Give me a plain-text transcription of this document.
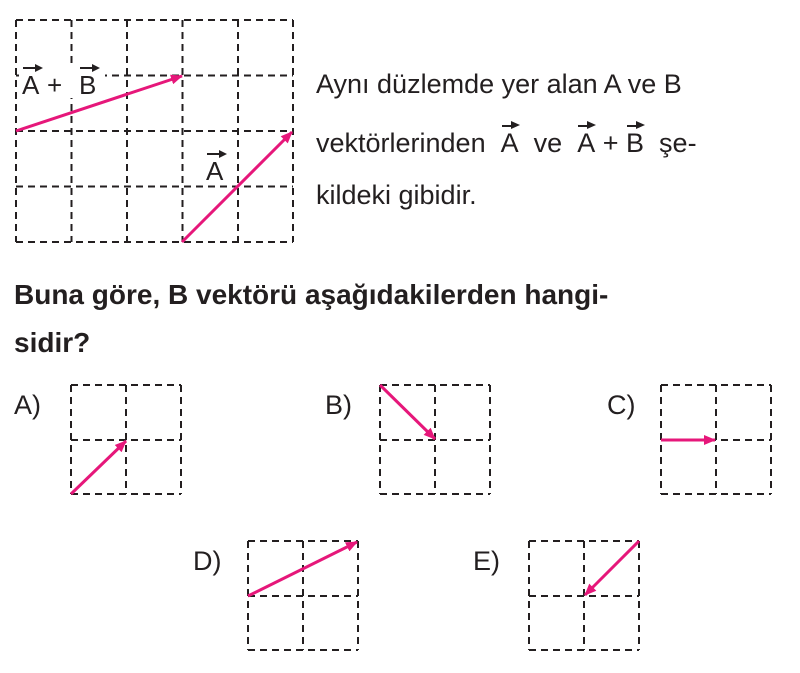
A + B
A
A)	B)	C)
D)	E)
Aynı düzlemde yer alan A ve B
vektörlerinden A ve A + B şe-
kildeki gibidir.
Buna göre, B vektörü aşağıdakilerden hangi-
sidir?
